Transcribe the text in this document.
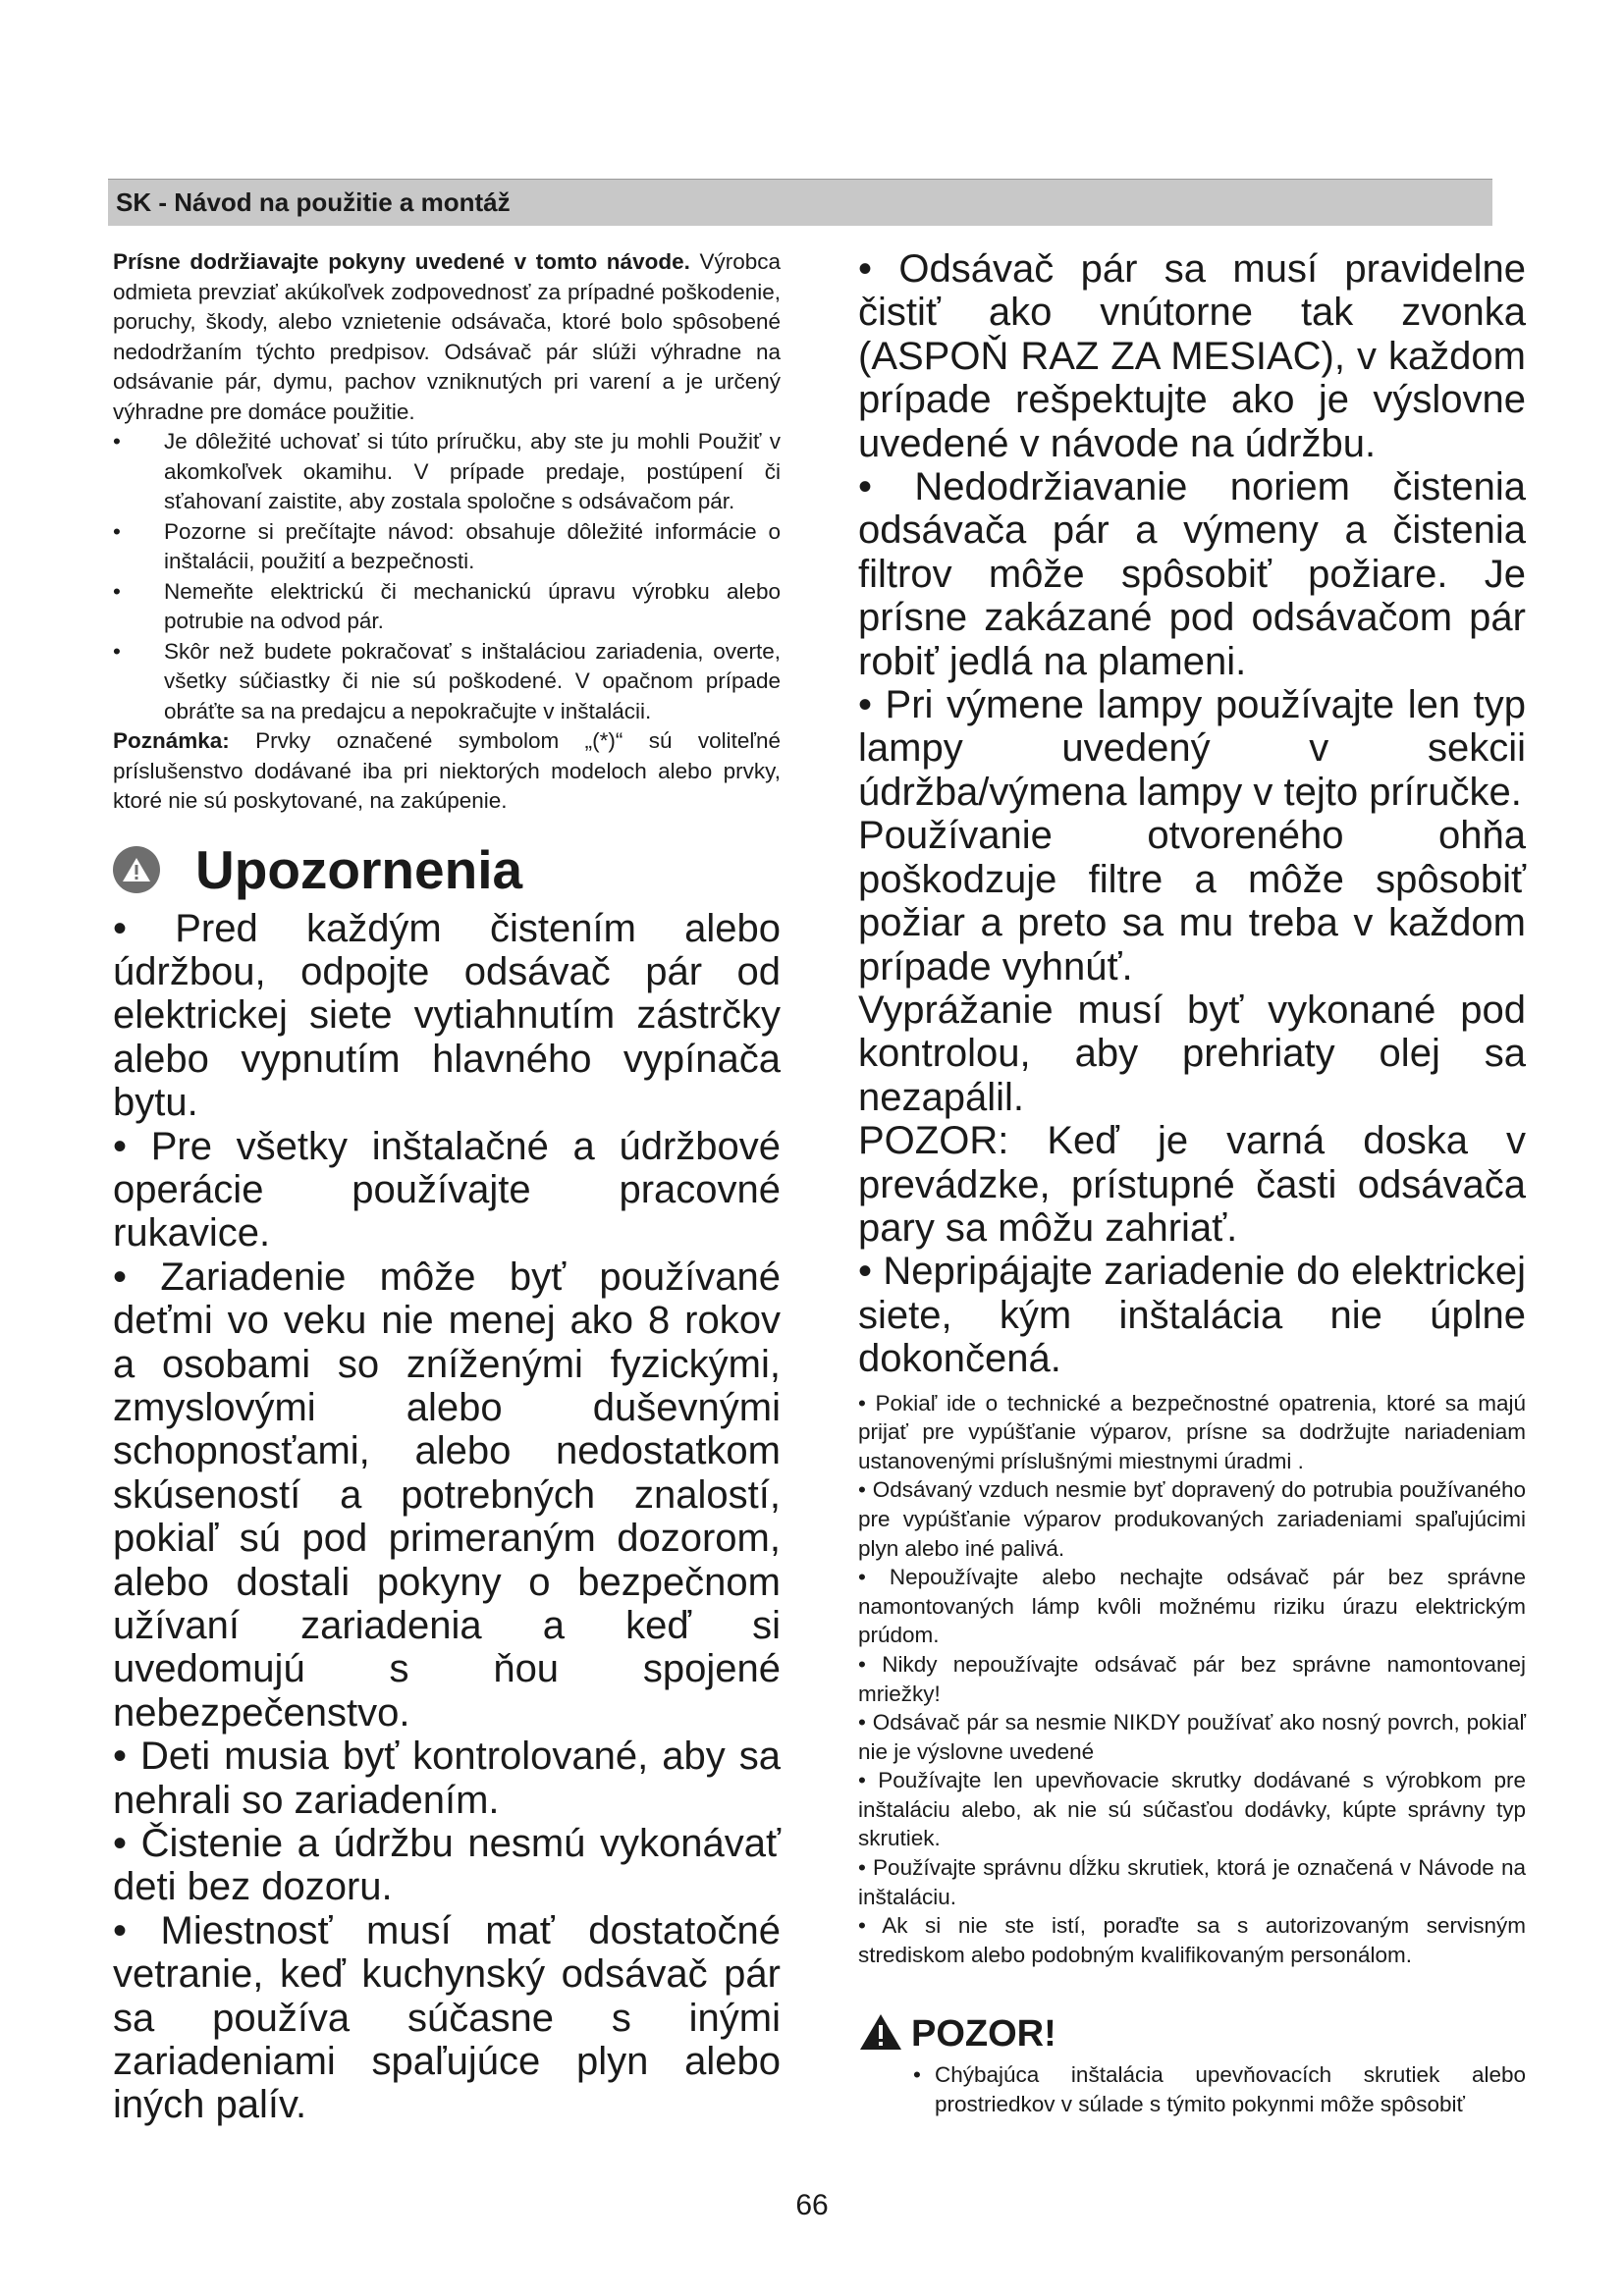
SK - Návod na použitie a montáž

Prísne dodržiavajte pokyny uvedené v tomto návode. Výrobca odmieta prevziať akúkoľvek zodpovednosť za prípadné poškodenie, poruchy, škody, alebo vznietenie odsávača, ktoré bolo spôsobené nedodržaním týchto predpisov. Odsávač pár slúži výhradne na odsávanie pár, dymu, pachov vzniknutých pri varení a je určený výhradne pre domáce použitie.

• Je dôležité uchovať si túto príručku, aby ste ju mohli Použiť v akomkoľvek okamihu. V prípade predaje, postúpení či sťahovaní zaistite, aby zostala spoločne s odsávačom pár.
• Pozorne si prečítajte návod: obsahuje dôležité informácie o inštalácii, použití a bezpečnosti.
• Nemeňte elektrickú či mechanickú úpravu výrobku alebo potrubie na odvod pár.
• Skôr než budete pokračovať s inštaláciou zariadenia, overte, všetky súčiastky či nie sú poškodené. V opačnom prípade obráťte sa na predajcu a nepokračujte v inštalácii.

Poznámka: Prvky označené symbolom „(*)“ sú voliteľné príslušenstvo dodávané iba pri niektorých modeloch alebo prvky, ktoré nie sú poskytované, na zakúpenie.

Upozornenia

• Pred každým čistením alebo údržbou, odpojte odsávač pár od elektrickej siete vytiahnutím zástrčky alebo vypnutím hlavného vypínača bytu.

• Pre všetky inštalačné a údržbové operácie používajte pracovné rukavice.

• Zariadenie môže byť používané deťmi vo veku nie menej ako 8 rokov a osobami so zníženými fyzickými, zmyslovými alebo duševnými schopnosťami, alebo nedostatkom skúseností a potrebných znalostí, pokiaľ sú pod primeraným dozorom, alebo dostali pokyny o bezpečnom užívaní zariadenia a keď si uvedomujú s ňou spojené nebezpečenstvo.

• Deti musia byť kontrolované, aby sa nehrali so zariadením.

• Čistenie a údržbu nesmú vykonávať deti bez dozoru.

• Miestnosť musí mať dostatočné vetranie, keď kuchynský odsávač pár sa používa súčasne s inými zariadeniami spaľujúce plyn alebo iných palív.

• Odsávač pár sa musí pravidelne čistiť ako vnútorne tak zvonka (ASPOŇ RAZ ZA MESIAC), v každom prípade rešpektujte ako je výslovne uvedené v návode na údržbu.

• Nedodržiavanie noriem čistenia odsávača pár a výmeny a čistenia filtrov môže spôsobiť požiare. Je prísne zakázané pod odsávačom pár robiť jedlá na plameni.

• Pri výmene lampy používajte len typ lampy uvedený v sekcii údržba/výmena lampy v tejto príručke.

Používanie otvoreného ohňa poškodzuje filtre a môže spôsobiť požiar a preto sa mu treba v každom prípade vyhnúť.

Vyprážanie musí byť vykonané pod kontrolou, aby prehriaty olej sa nezapálil.

POZOR: Keď je varná doska v prevádzke, prístupné časti odsávača pary sa môžu zahriať.

• Nepripájajte zariadenie do elektrickej siete, kým inštalácia nie úplne dokončená.

• Pokiaľ ide o technické a bezpečnostné opatrenia, ktoré sa majú prijať pre vypúšťanie výparov, prísne sa dodržujte nariadeniam ustanovenými príslušnými miestnymi úradmi .

• Odsávaný vzduch nesmie byť dopravený do potrubia používaného pre vypúšťanie výparov produkovaných zariadeniami spaľujúcimi plyn alebo iné palivá.

• Nepoužívajte alebo nechajte odsávač pár bez správne namontovaných lámp kvôli možnému riziku úrazu elektrickým prúdom.

• Nikdy nepoužívajte odsávač pár bez správne namontovanej mriežky!

• Odsávač pár sa nesmie NIKDY používať ako nosný povrch, pokiaľ nie je výslovne uvedené

• Používajte len upevňovacie skrutky dodávané s výrobkom pre inštaláciu alebo, ak nie sú súčasťou dodávky, kúpte správny typ skrutiek.

• Používajte správnu dĺžku skrutiek, ktorá je označená v Návode na inštaláciu.

• Ak si nie ste istí, poraďte sa s autorizovaným servisným strediskom alebo podobným kvalifikovaným personálom.

POZOR!
• Chýbajúca inštalácia upevňovacích skrutiek alebo prostriedkov v súlade s týmito pokynmi môže spôsobiť
66
